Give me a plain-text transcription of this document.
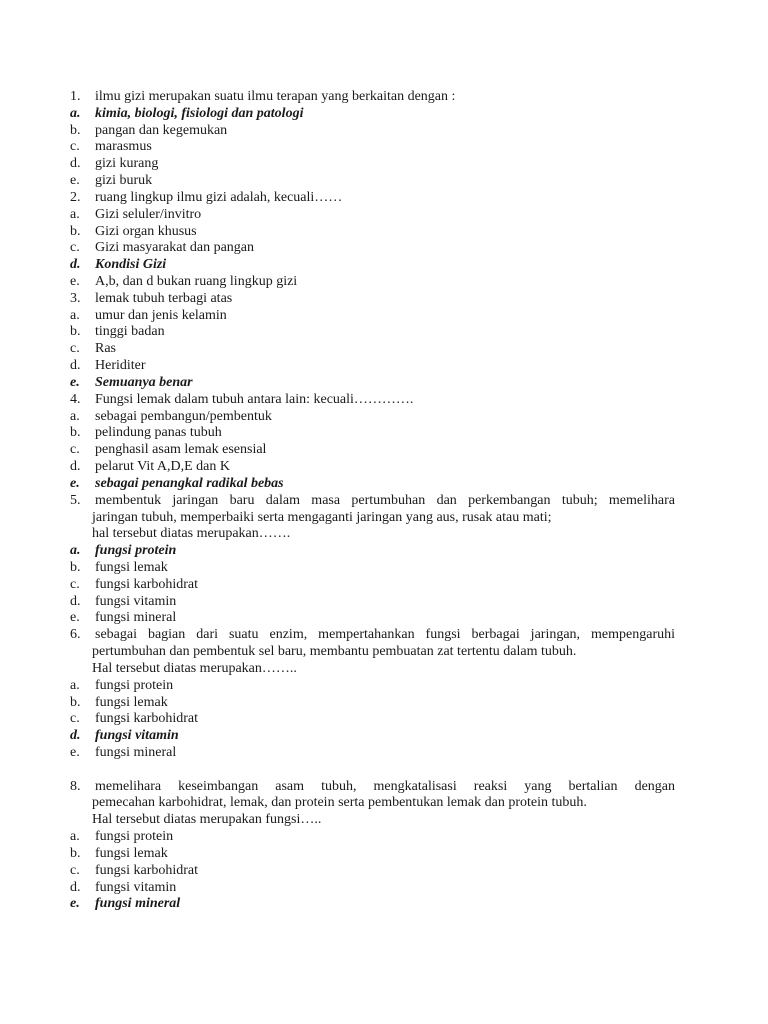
1. ilmu gizi merupakan suatu ilmu terapan yang berkaitan dengan :
a. kimia, biologi, fisiologi dan patologi
b. pangan dan kegemukan
c. marasmus
d. gizi kurang
e. gizi buruk
2. ruang lingkup ilmu gizi adalah, kecuali……
a. Gizi seluler/invitro
b. Gizi organ khusus
c. Gizi masyarakat dan pangan
d. Kondisi Gizi
e. A,b, dan d bukan ruang lingkup gizi
3. lemak tubuh terbagi atas
a. umur dan jenis kelamin
b. tinggi badan
c. Ras
d. Heriditer
e. Semuanya benar
4. Fungsi lemak dalam tubuh antara lain: kecuali………….
a. sebagai pembangun/pembentuk
b. pelindung panas tubuh
c. penghasil asam lemak esensial
d. pelarut Vit A,D,E dan K
e. sebagai penangkal radikal bebas
5. membentuk jaringan baru dalam masa pertumbuhan dan perkembangan tubuh; memelihara
jaringan tubuh, memperbaiki serta mengaganti jaringan yang aus, rusak atau mati;
hal tersebut diatas merupakan…….
a. fungsi protein
b. fungsi lemak
c. fungsi karbohidrat
d. fungsi vitamin
e. fungsi mineral
6. sebagai bagian dari suatu enzim, mempertahankan fungsi berbagai jaringan, mempengaruhi
pertumbuhan dan pembentuk sel baru, membantu pembuatan zat tertentu dalam tubuh.
Hal tersebut diatas merupakan……..
a. fungsi protein
b. fungsi lemak
c. fungsi karbohidrat
d. fungsi vitamin
e. fungsi mineral
8. memelihara keseimbangan asam tubuh, mengkatalisasi reaksi yang bertalian dengan
pemecahan karbohidrat, lemak, dan protein serta pembentukan lemak dan protein tubuh.
Hal tersebut diatas merupakan fungsi…..
a. fungsi protein
b. fungsi lemak
c. fungsi karbohidrat
d. fungsi vitamin
e. fungsi mineral
